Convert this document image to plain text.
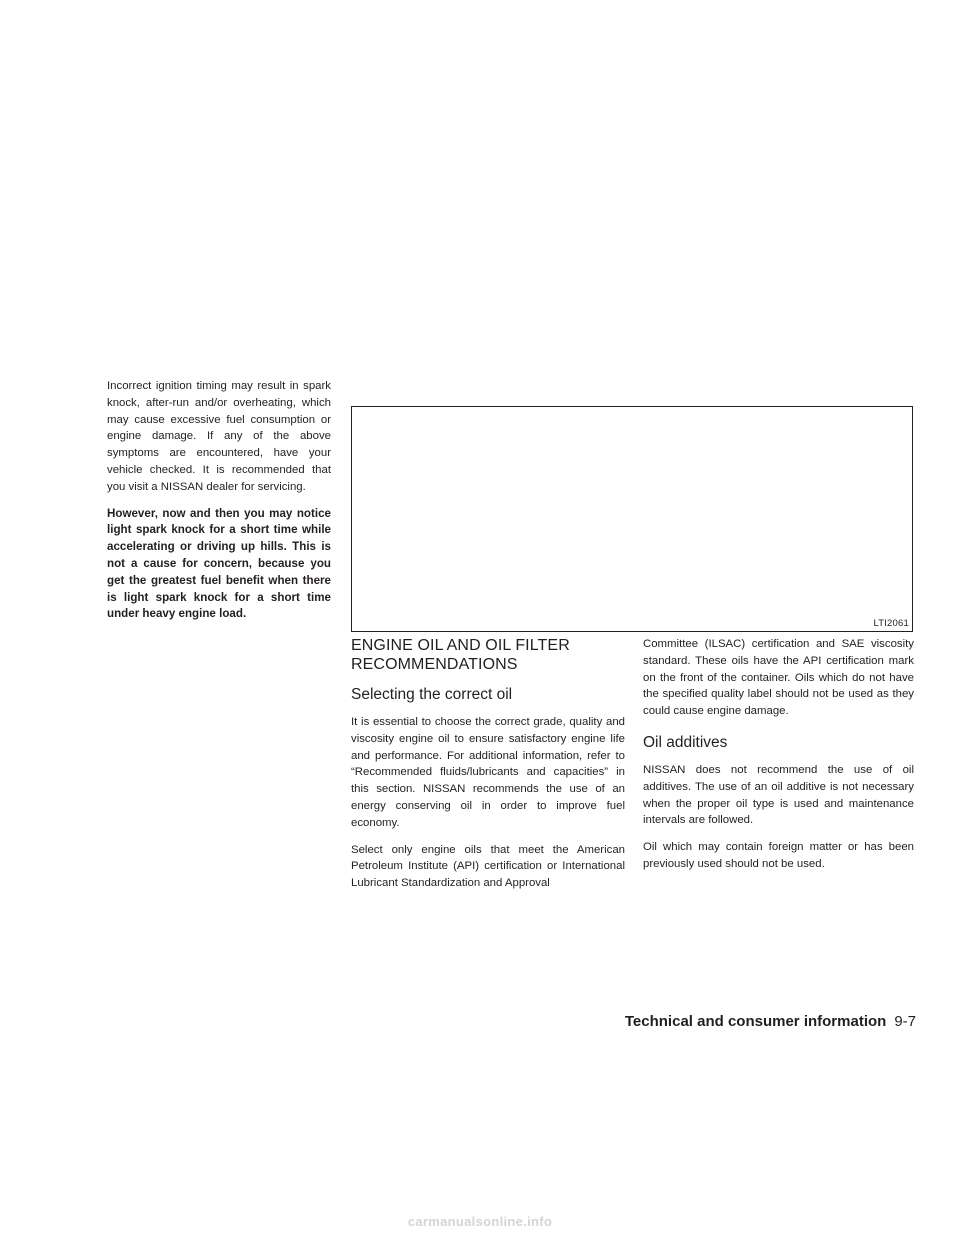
Incorrect ignition timing may result in spark knock, after-run and/or overheating, which may cause excessive fuel consumption or engine damage. If any of the above symptoms are encountered, have your vehicle checked. It is recommended that you visit a NISSAN dealer for servicing.

However, now and then you may notice light spark knock for a short time while accelerating or driving up hills. This is not a cause for concern, because you get the greatest fuel benefit when there is light spark knock for a short time under heavy engine load.

LTI2061
ENGINE OIL AND OIL FILTER RECOMMENDATIONS
Selecting the correct oil

It is essential to choose the correct grade, quality and viscosity engine oil to ensure satisfactory engine life and performance. For additional information, refer to “Recommended fluids/lubricants and capacities” in this section. NISSAN recommends the use of an energy conserving oil in order to improve fuel economy.

Select only engine oils that meet the American Petroleum Institute (API) certification or International Lubricant Standardization and Approval

Committee (ILSAC) certification and SAE viscosity standard. These oils have the API certification mark on the front of the container. Oils which do not have the specified quality label should not be used as they could cause engine damage.

Oil additives

NISSAN does not recommend the use of oil additives. The use of an oil additive is not necessary when the proper oil type is used and maintenance intervals are followed.

Oil which may contain foreign matter or has been previously used should not be used.

Technical and consumer information 9-7
carmanualsonline.info
